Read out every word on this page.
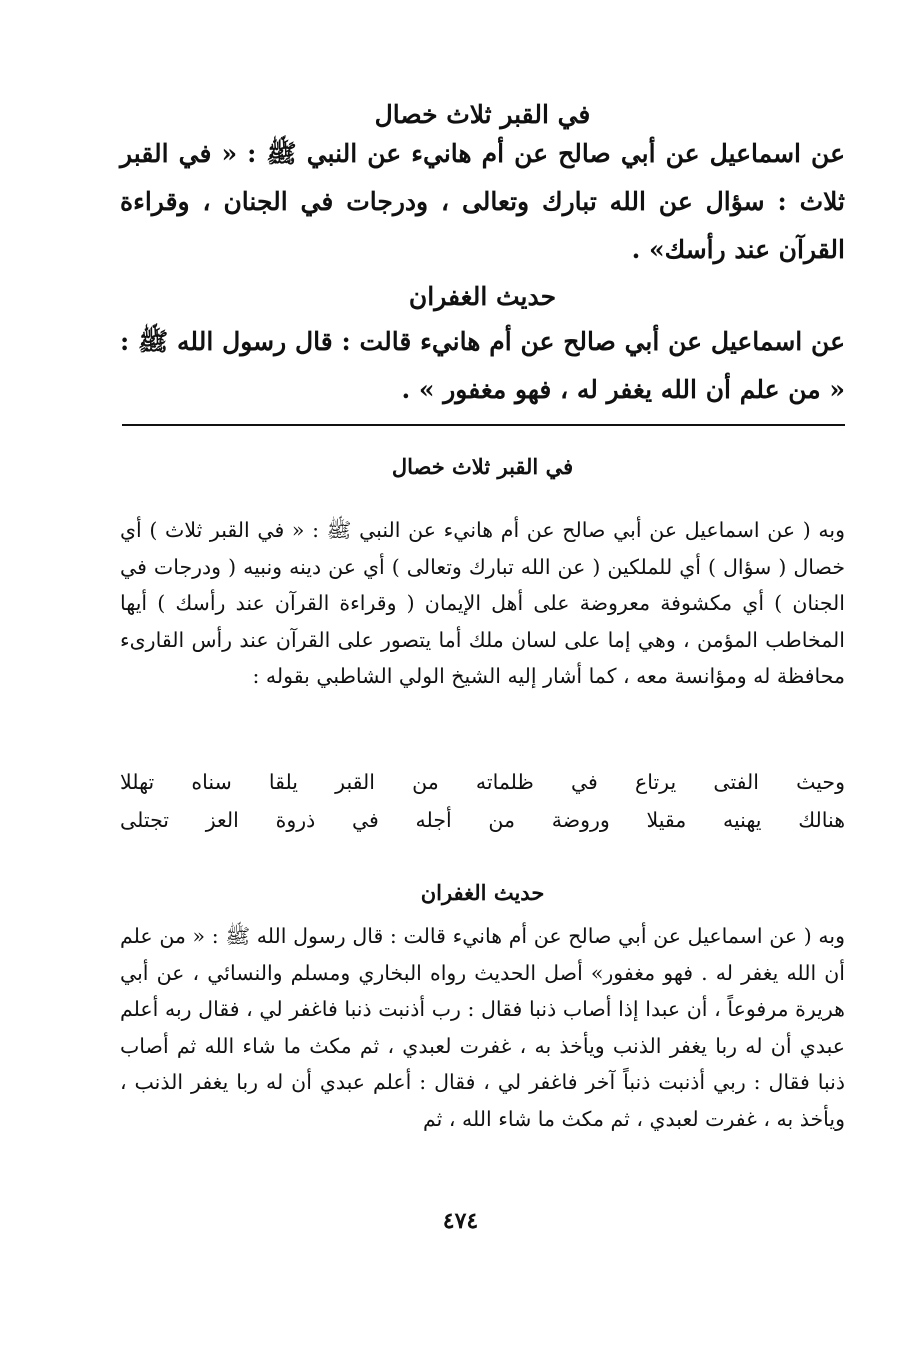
في القبر ثلاث خصال

عن اسماعيل عن أبي صالح عن أم هانيء عن النبي ﷺ : « في القبر ثلاث : سؤال عن الله تبارك وتعالى ، ودرجات في الجنان ، وقراءة القرآن عند رأسك» .

حديث الغفران

عن اسماعيل عن أبي صالح عن أم هانيء قالت : قال رسول الله ﷺ : « من علم أن الله يغفر له ، فهو مغفور » .

في القبر ثلاث خصال

وبه ( عن اسماعيل عن أبي صالح عن أم هانيء عن النبي ﷺ : « في القبر ثلاث ) أي خصال ( سؤال ) أي للملكين ( عن الله تبارك وتعالى ) أي عن دينه ونبيه ( ودرجات في الجنان ) أي مكشوفة معروضة على أهل الإيمان ( وقراءة القرآن عند رأسك ) أيها المخاطب المؤمن ، وهي إما على لسان ملك أما يتصور على القرآن عند رأس القارىء محافظة له ومؤانسة معه ، كما أشار إليه الشيخ الولي الشاطبي بقوله :

وحيث
الفتى
يرتاع
في
ظلماته
من
القبر
يلقا
سناه
تهللا
هنالك
يهنيه
مقيلا
وروضة
من
أجله
في
ذروة
العز
تجتلى
حديث الغفران

وبه ( عن اسماعيل عن أبي صالح عن أم هانيء قالت : قال رسول الله ﷺ : « من علم أن الله يغفر له . فهو مغفور» أصل الحديث رواه البخاري ومسلم والنسائي ، عن أبي هريرة مرفوعاً ، أن عبدا إذا أصاب ذنبا فقال : رب أذنبت ذنبا فاغفر لي ، فقال ربه أعلم عبدي أن له ربا يغفر الذنب ويأخذ به ، غفرت لعبدي ، ثم مكث ما شاء الله ثم أصاب ذنبا فقال : ربي أذنبت ذنباً آخر فاغفر لي ، فقال : أعلم عبدي أن له ربا يغفر الذنب ، ويأخذ به ، غفرت لعبدي ، ثم مكث ما شاء الله ، ثم

٤٧٤
